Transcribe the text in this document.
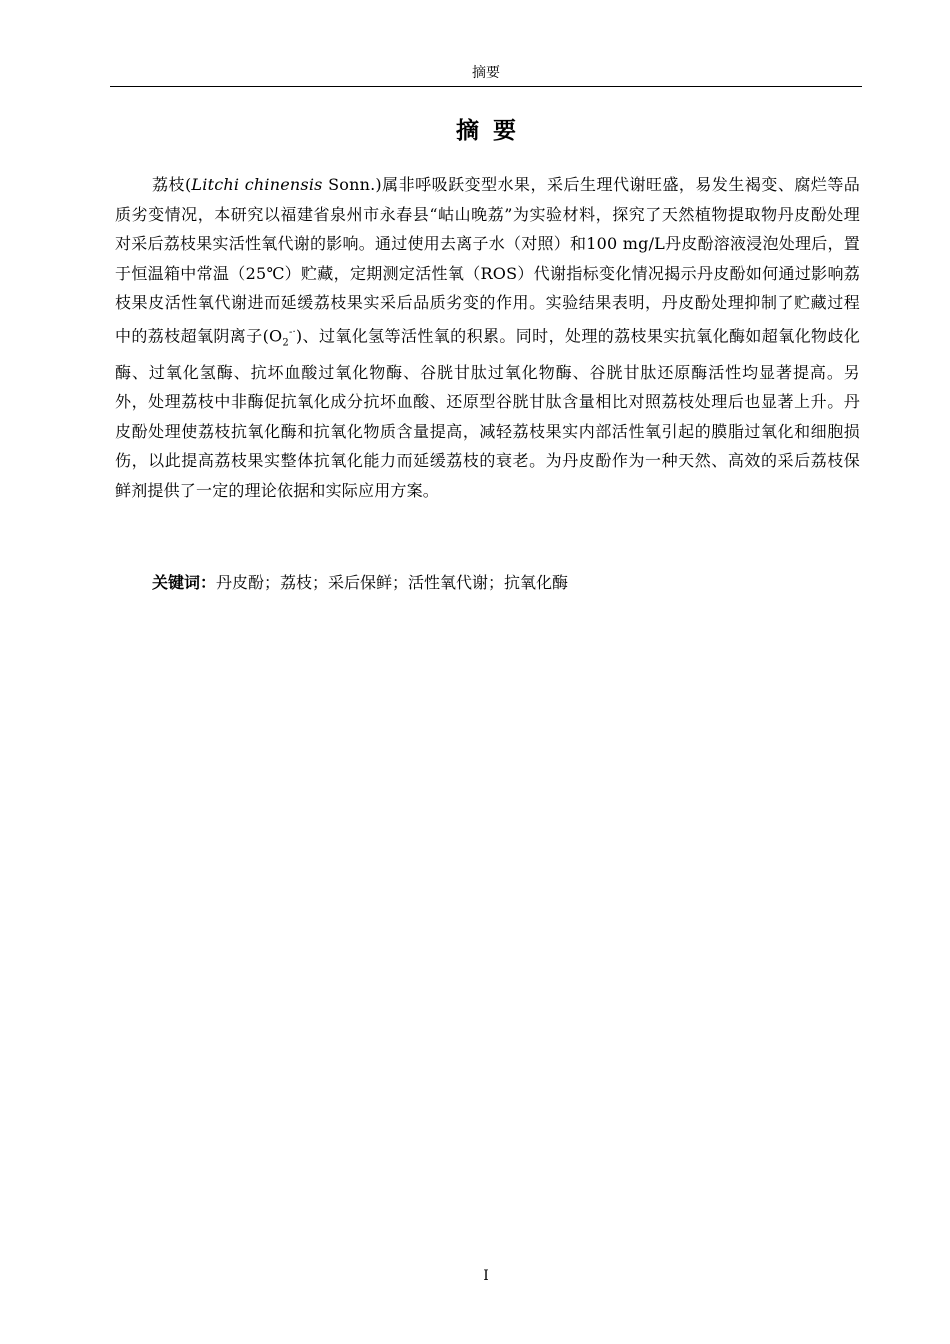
摘要
摘要

荔枝(Litchi chinensis Sonn.)属非呼吸跃变型水果，采后生理代谢旺盛，易发生褐变、腐烂等品质劣变情况，本研究以福建省泉州市永春县“岵山晚荔”为实验材料，探究了天然植物提取物丹皮酚处理对采后荔枝果实活性氧代谢的影响。通过使用去离子水（对照）和100 mg/L丹皮酚溶液浸泡处理后，置于恒温箱中常温（25℃）贮藏，定期测定活性氧（ROS）代谢指标变化情况揭示丹皮酚如何通过影响荔枝果皮活性氧代谢进而延缓荔枝果实采后品质劣变的作用。实验结果表明，丹皮酚处理抑制了贮藏过程中的荔枝超氧阴离子$(O_2^{-\cdot})$、过氧化氢等活性氧的积累。同时，处理的荔枝果实抗氧化酶如超氧化物歧化酶、过氧化氢酶、抗坏血酸过氧化物酶、谷胱甘肽过氧化物酶、谷胱甘肽还原酶活性均显著提高。另外，处理荔枝中非酶促抗氧化成分抗坏血酸、还原型谷胱甘肽含量相比对照荔枝处理后也显著上升。丹皮酚处理使荔枝抗氧化酶和抗氧化物质含量提高，减轻荔枝果实内部活性氧引起的膜脂过氧化和细胞损伤，以此提高荔枝果实整体抗氧化能力而延缓荔枝的衰老。为丹皮酚作为一种天然、高效的采后荔枝保鲜剂提供了一定的理论依据和实际应用方案。

关键词：丹皮酚；荔枝；采后保鲜；活性氧代谢；抗氧化酶
I
